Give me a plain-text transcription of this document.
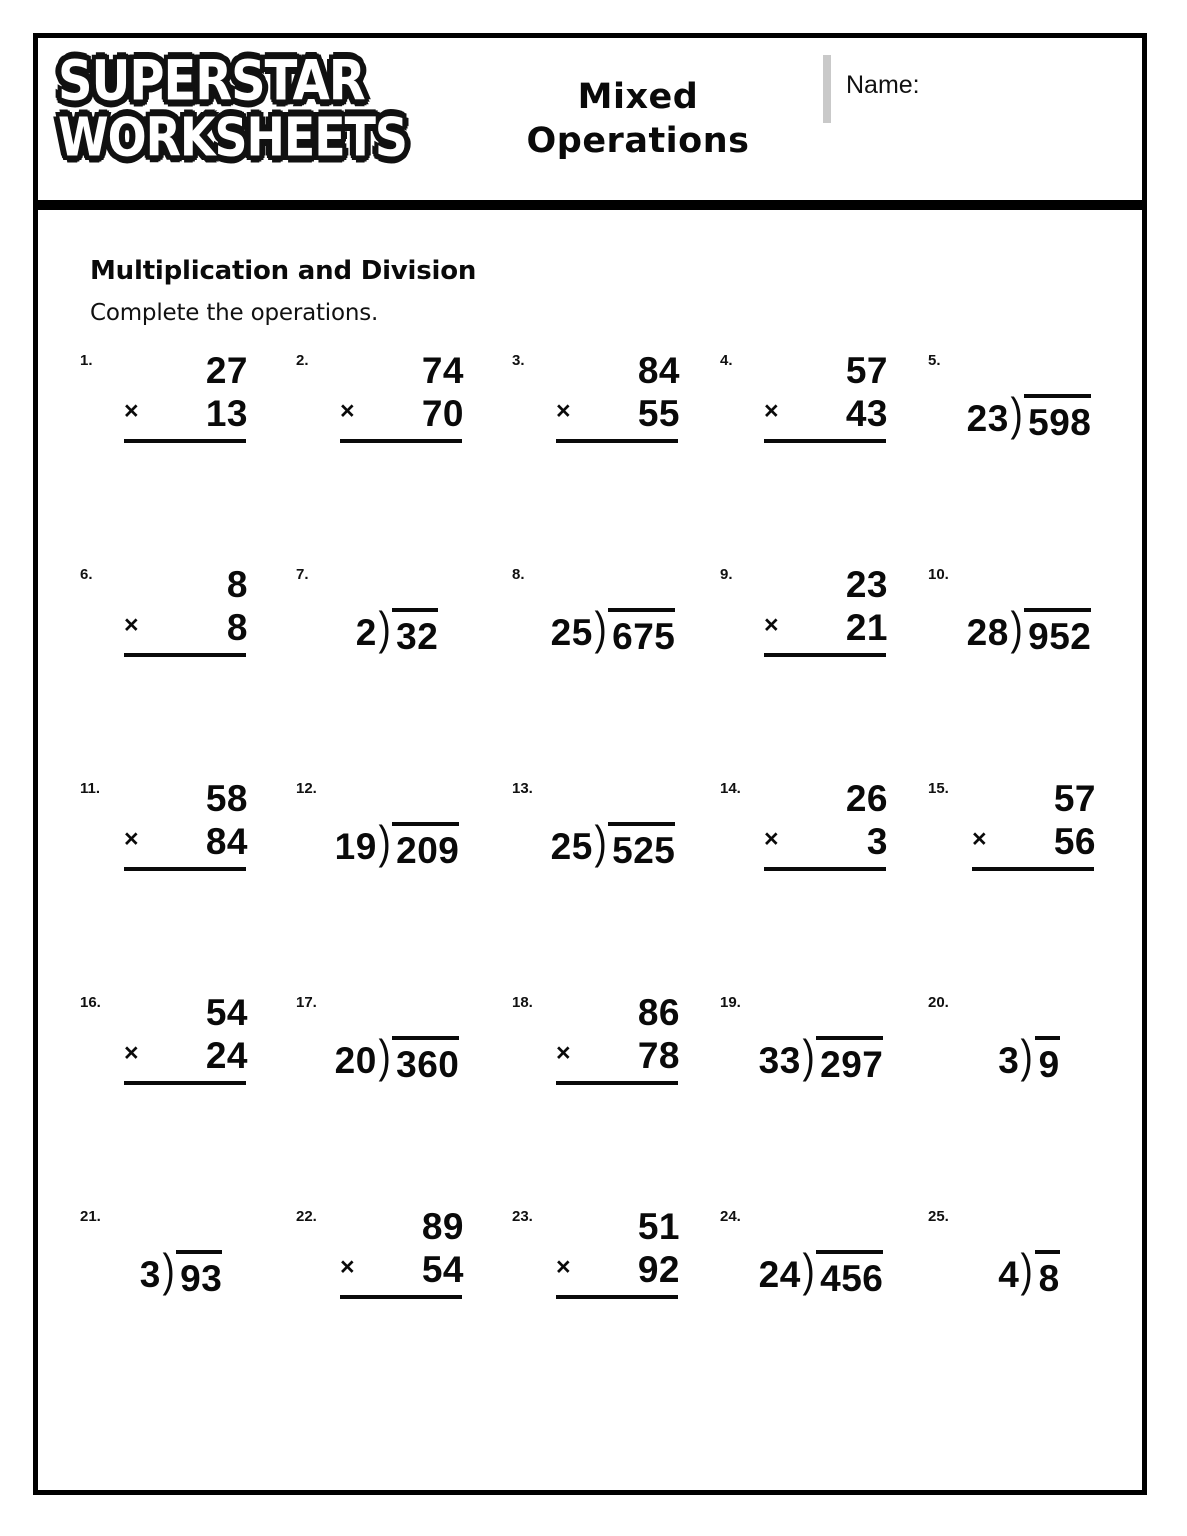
SUPERSTAR
WORKSHEETS
Mixed
Operations
Name:
Multiplication and Division
Complete the operations.
1.	27
× 13
2.	74
× 70
3.	84
× 55
4.	57
× 43
5.
23 ) 598
6.	8
× 8
7.
2 ) 32
8.
25 ) 675
9.	23
× 21
10.
28 ) 952
11.	58
× 84
12.
19 ) 209
13.
25 ) 525
14.	26
× 3
15.	57
× 56
16.	54
× 24
17.
20 ) 360
18.	86
× 78
19.
33 ) 297
20.
3 ) 9
21.
3 ) 93
22.	89
× 54
23.	51
× 92
24.
24 ) 456
25.
4 ) 8
